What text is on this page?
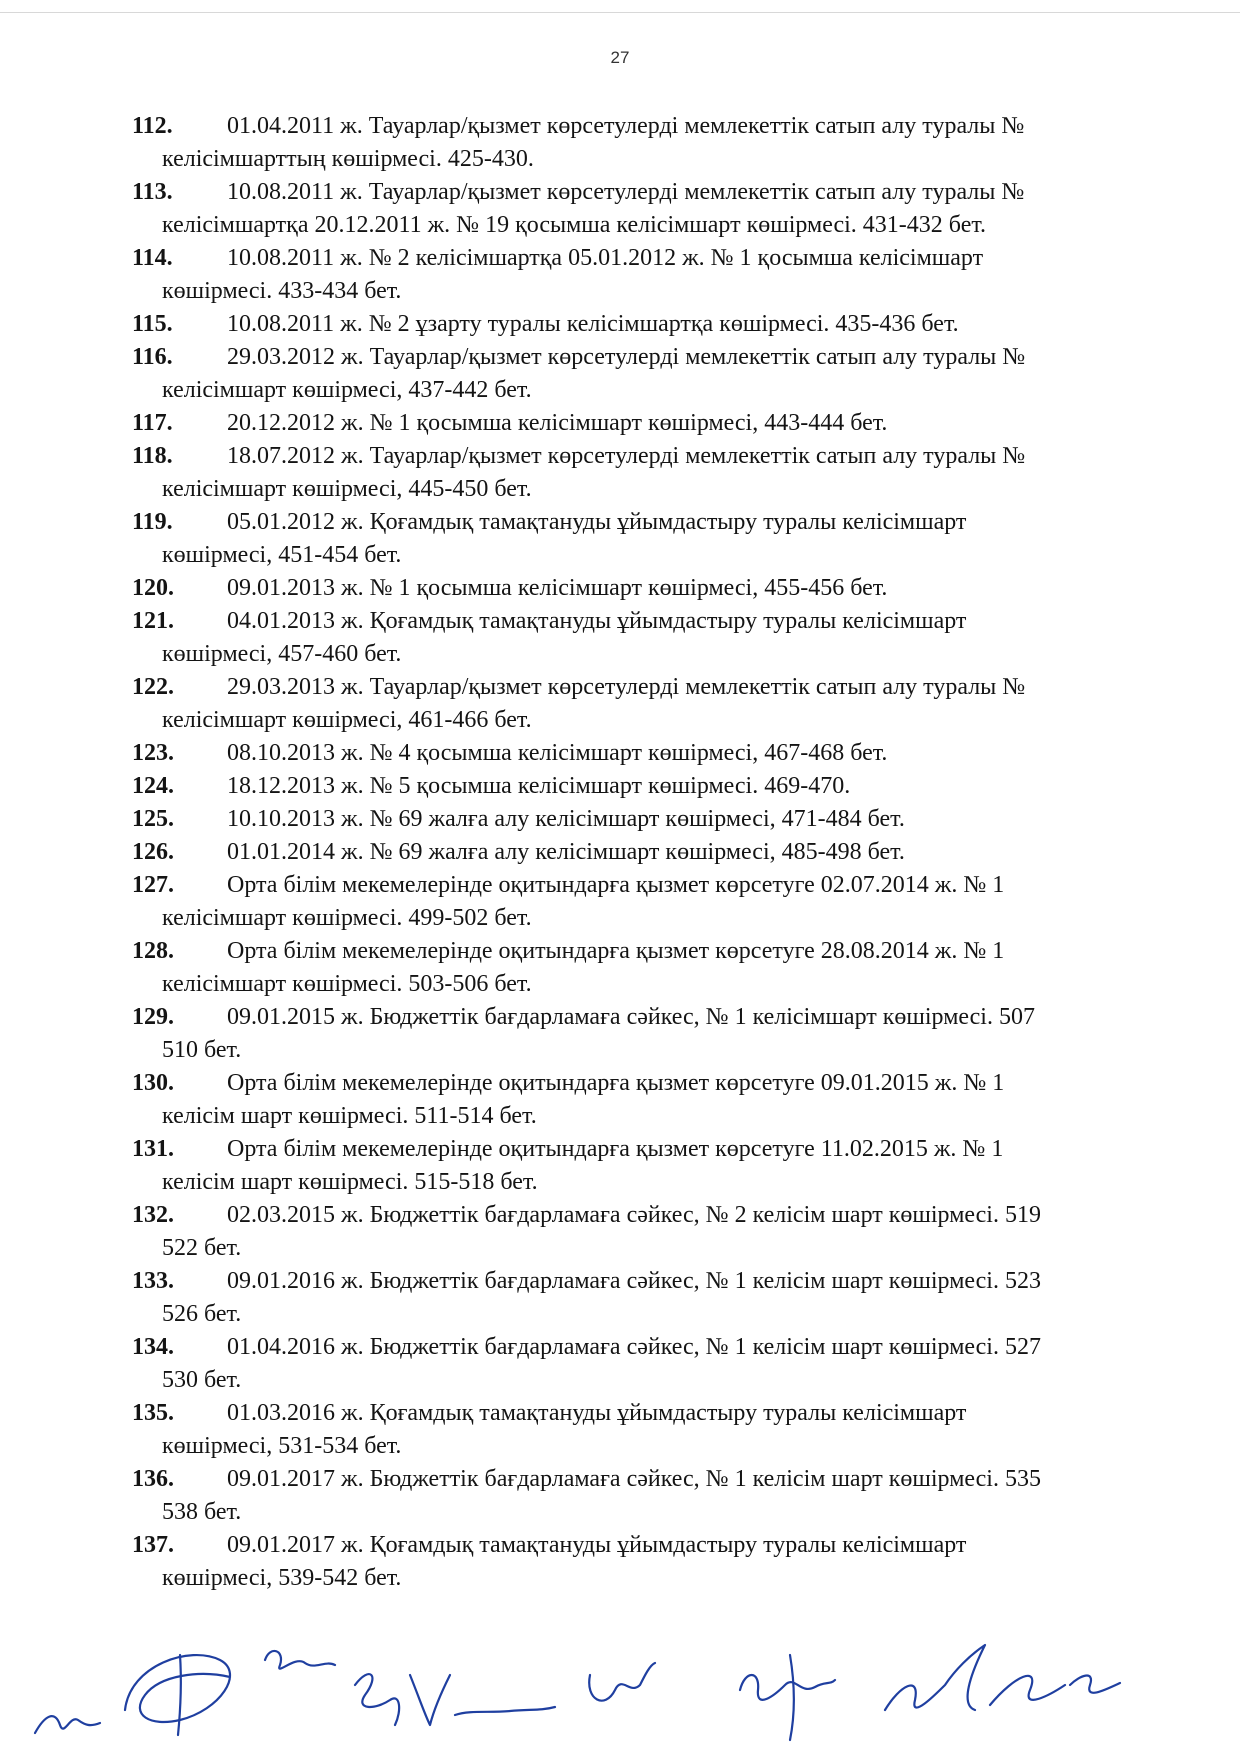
27
112. 01.04.2011 ж. Тауарлар/қызмет көрсетулерді мемлекеттік сатып алу туралы №
келісімшарттың көшірмесі. 425-430.
113. 10.08.2011 ж. Тауарлар/қызмет көрсетулерді мемлекеттік сатып алу туралы №
келісімшартқа 20.12.2011 ж. № 19 қосымша келісімшарт көшірмесі. 431-432 бет.
114. 10.08.2011 ж. № 2 келісімшартқа 05.01.2012 ж. № 1 қосымша келісімшарт
көшірмесі. 433-434 бет.
115. 10.08.2011 ж. № 2 ұзарту туралы келісімшартқа көшірмесі. 435-436 бет.
116. 29.03.2012 ж. Тауарлар/қызмет көрсетулерді мемлекеттік сатып алу туралы №
келісімшарт көшірмесі, 437-442 бет.
117. 20.12.2012 ж. № 1 қосымша келісімшарт көшірмесі, 443-444 бет.
118. 18.07.2012 ж. Тауарлар/қызмет көрсетулерді мемлекеттік сатып алу туралы №
келісімшарт көшірмесі, 445-450 бет.
119. 05.01.2012 ж. Қоғамдық тамақтануды ұйымдастыру туралы келісімшарт
көшірмесі, 451-454 бет.
120. 09.01.2013 ж. № 1 қосымша келісімшарт көшірмесі, 455-456 бет.
121. 04.01.2013 ж. Қоғамдық тамақтануды ұйымдастыру туралы келісімшарт
көшірмесі, 457-460 бет.
122. 29.03.2013 ж. Тауарлар/қызмет көрсетулерді мемлекеттік сатып алу туралы №
келісімшарт көшірмесі, 461-466 бет.
123. 08.10.2013 ж. № 4 қосымша келісімшарт көшірмесі, 467-468 бет.
124. 18.12.2013 ж. № 5 қосымша келісімшарт көшірмесі. 469-470.
125. 10.10.2013 ж. № 69 жалға алу келісімшарт көшірмесі, 471-484 бет.
126. 01.01.2014 ж. № 69 жалға алу келісімшарт көшірмесі, 485-498 бет.
127. Орта білім мекемелерінде оқитындарға қызмет көрсетуге 02.07.2014 ж. № 1
келісімшарт көшірмесі. 499-502 бет.
128. Орта білім мекемелерінде оқитындарға қызмет көрсетуге 28.08.2014 ж. № 1
келісімшарт көшірмесі. 503-506 бет.
129. 09.01.2015 ж. Бюджеттік бағдарламаға сәйкес, № 1 келісімшарт көшірмесі. 507
510 бет.
130. Орта білім мекемелерінде оқитындарға қызмет көрсетуге 09.01.2015 ж. № 1
келісім шарт көшірмесі. 511-514 бет.
131. Орта білім мекемелерінде оқитындарға қызмет көрсетуге 11.02.2015 ж. № 1
келісім шарт көшірмесі. 515-518 бет.
132. 02.03.2015 ж. Бюджеттік бағдарламаға сәйкес, № 2 келісім шарт көшірмесі. 519
522 бет.
133. 09.01.2016 ж. Бюджеттік бағдарламаға сәйкес, № 1 келісім шарт көшірмесі. 523
526 бет.
134. 01.04.2016 ж. Бюджеттік бағдарламаға сәйкес, № 1 келісім шарт көшірмесі. 527
530 бет.
135. 01.03.2016 ж. Қоғамдық тамақтануды ұйымдастыру туралы келісімшарт
көшірмесі, 531-534 бет.
136. 09.01.2017 ж. Бюджеттік бағдарламаға сәйкес, № 1 келісім шарт көшірмесі. 535
538 бет.
137. 09.01.2017 ж. Қоғамдық тамақтануды ұйымдастыру туралы келісімшарт
көшірмесі, 539-542 бет.
